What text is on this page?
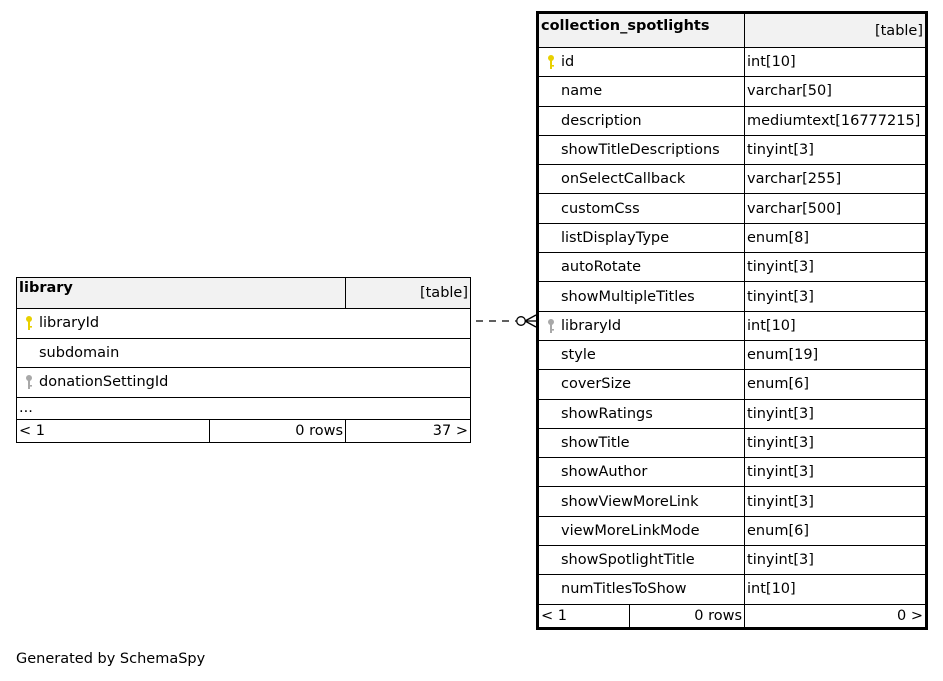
library		[table]
libraryId		
subdomain		
donationSettingId		
...		
< 1	0 rows	37 >
collection_spotlights		[table]
id		int[10]
name		varchar[50]
description		mediumtext[16777215]
showTitleDescriptions		tinyint[3]
onSelectCallback		varchar[255]
customCss		varchar[500]
listDisplayType		enum[8]
autoRotate		tinyint[3]
showMultipleTitles		tinyint[3]
libraryId		int[10]
style		enum[19]
coverSize		enum[6]
showRatings		tinyint[3]
showTitle		tinyint[3]
showAuthor		tinyint[3]
showViewMoreLink		tinyint[3]
viewMoreLinkMode		enum[6]
showSpotlightTitle		tinyint[3]
numTitlesToShow		int[10]
< 1	0 rows	0 >
Generated by SchemaSpy
